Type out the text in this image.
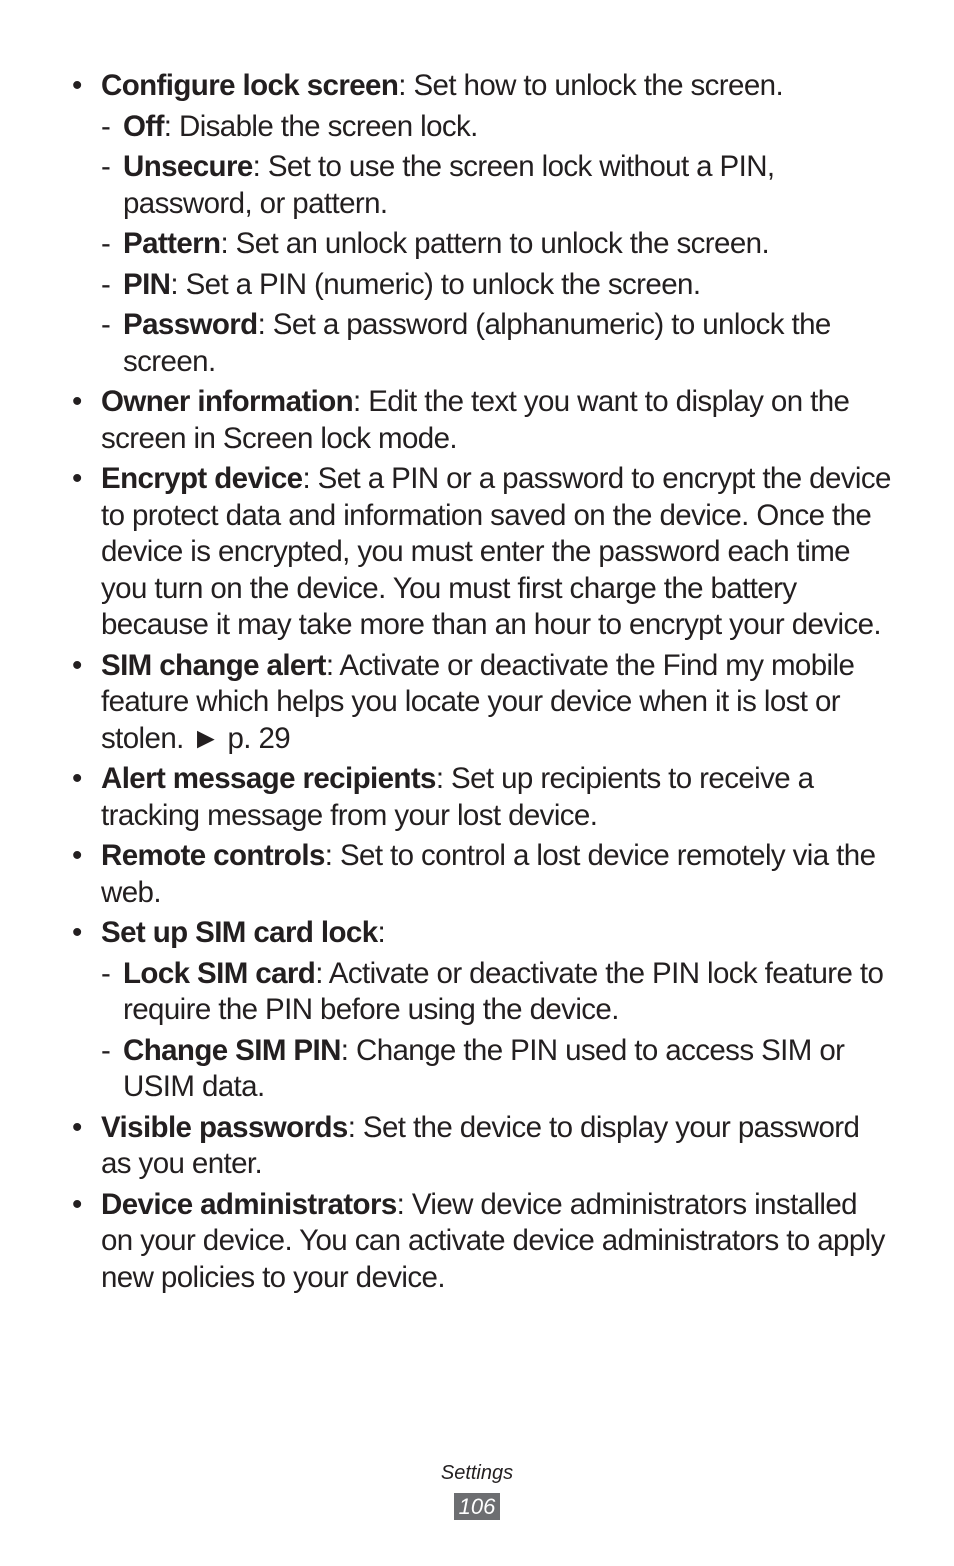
• Configure lock screen: Set how to unlock the screen.
- Off: Disable the screen lock.
- Unsecure: Set to use the screen lock without a PIN, password, or pattern.
- Pattern: Set an unlock pattern to unlock the screen.
- PIN: Set a PIN (numeric) to unlock the screen.
- Password: Set a password (alphanumeric) to unlock the screen.
• Owner information: Edit the text you want to display on the screen in Screen lock mode.
• Encrypt device: Set a PIN or a password to encrypt the device to protect data and information saved on the device. Once the device is encrypted, you must enter the password each time you turn on the device. You must first charge the battery because it may take more than an hour to encrypt your device.
• SIM change alert: Activate or deactivate the Find my mobile feature which helps you locate your device when it is lost or stolen. ► p. 29
• Alert message recipients: Set up recipients to receive a tracking message from your lost device.
• Remote controls: Set to control a lost device remotely via the web.
• Set up SIM card lock:
- Lock SIM card: Activate or deactivate the PIN lock feature to require the PIN before using the device.
- Change SIM PIN: Change the PIN used to access SIM or USIM data.
• Visible passwords: Set the device to display your password as you enter.
• Device administrators: View device administrators installed on your device. You can activate device administrators to apply new policies to your device.
Settings
106
